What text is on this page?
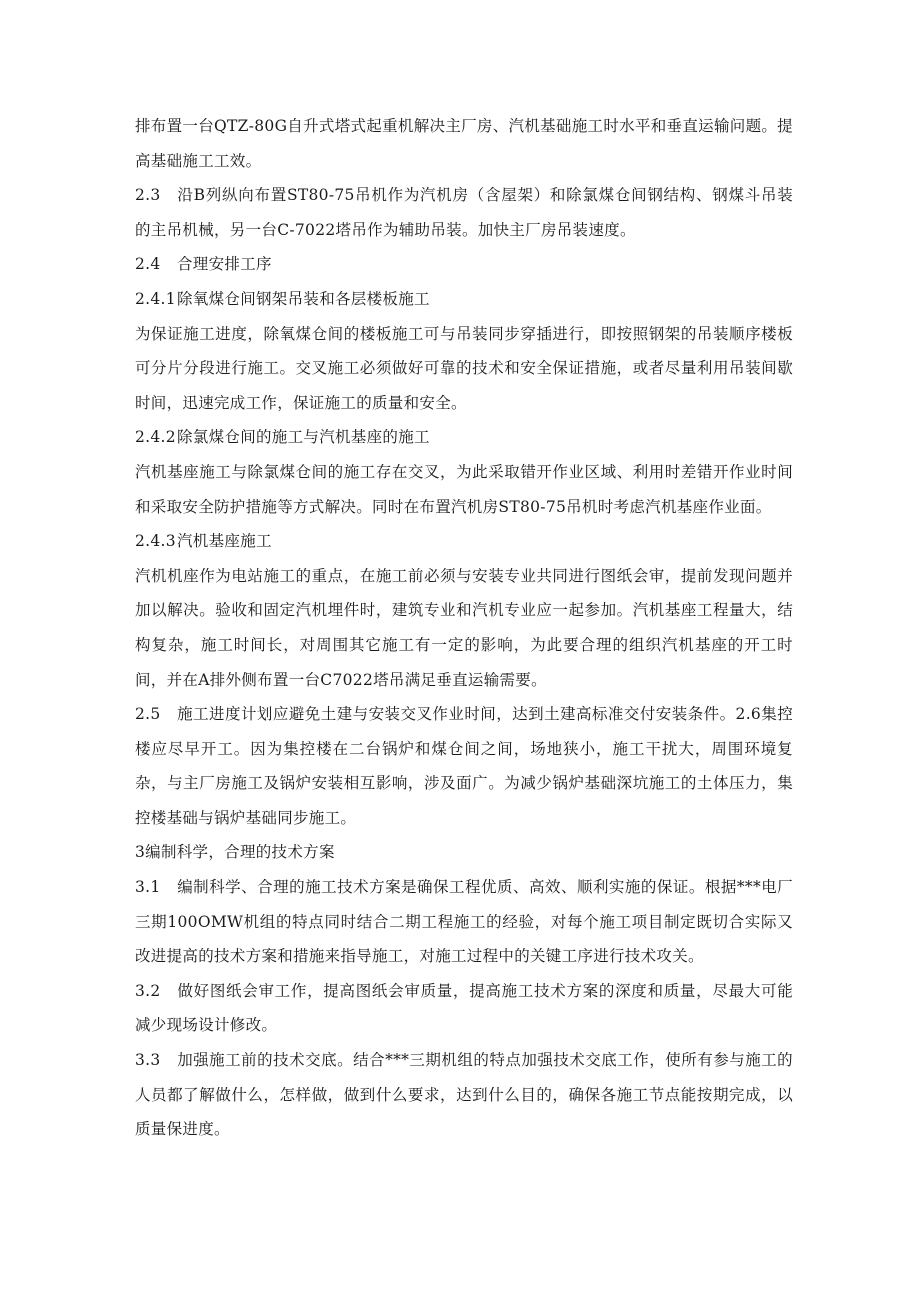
排布置一台QTZ-80G自升式塔式起重机解决主厂房、汽机基础施工时水平和垂直运输问题。提高基础施工工效。

2.3 沿B列纵向布置ST80-75吊机作为汽机房（含屋架）和除氯煤仓间钢结构、钢煤斗吊装的主吊机械，另一台C-7022塔吊作为辅助吊装。加快主厂房吊装速度。

2.4 合理安排工序

2.4.1除氧煤仓间钢架吊装和各层楼板施工

为保证施工进度，除氧煤仓间的楼板施工可与吊装同步穿插进行，即按照钢架的吊装顺序楼板可分片分段进行施工。交叉施工必须做好可靠的技术和安全保证措施，或者尽量利用吊装间歇时间，迅速完成工作，保证施工的质量和安全。

2.4.2除氯煤仓间的施工与汽机基座的施工

汽机基座施工与除氯煤仓间的施工存在交叉，为此采取错开作业区域、利用时差错开作业时间和采取安全防护措施等方式解决。同时在布置汽机房ST80-75吊机时考虑汽机基座作业面。

2.4.3汽机基座施工

汽机机座作为电站施工的重点，在施工前必须与安装专业共同进行图纸会审，提前发现问题并加以解决。验收和固定汽机埋件时，建筑专业和汽机专业应一起参加。汽机基座工程量大，结构复杂，施工时间长，对周围其它施工有一定的影响，为此要合理的组织汽机基座的开工时间，并在A排外侧布置一台C7022塔吊满足垂直运输需要。

2.5 施工进度计划应避免土建与安装交叉作业时间，达到土建高标准交付安装条件。2.6集控楼应尽早开工。因为集控楼在二台锅炉和煤仓间之间，场地狭小，施工干扰大，周围环境复杂，与主厂房施工及锅炉安装相互影响，涉及面广。为减少锅炉基础深坑施工的土体压力，集控楼基础与锅炉基础同步施工。

3编制科学，合理的技术方案

3.1 编制科学、合理的施工技术方案是确保工程优质、高效、顺利实施的保证。根据***电厂三期100OMW机组的特点同时结合二期工程施工的经验，对每个施工项目制定既切合实际又改进提高的技术方案和措施来指导施工，对施工过程中的关键工序进行技术攻关。

3.2 做好图纸会审工作，提高图纸会审质量，提高施工技术方案的深度和质量，尽最大可能减少现场设计修改。

3.3 加强施工前的技术交底。结合***三期机组的特点加强技术交底工作，使所有参与施工的人员都了解做什么，怎样做，做到什么要求，达到什么目的，确保各施工节点能按期完成，以质量保进度。
